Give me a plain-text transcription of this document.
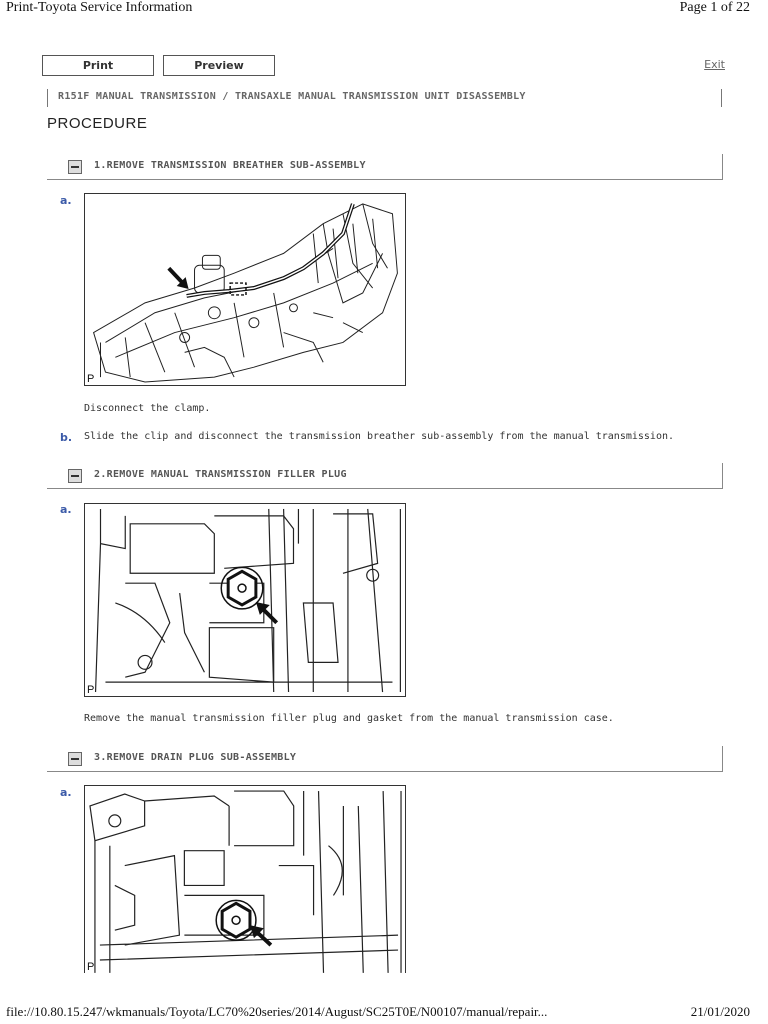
Print-Toyota Service Information	Page 1 of 22
Print	Preview	Exit
R151F MANUAL TRANSMISSION / TRANSAXLE MANUAL TRANSMISSION UNIT DISASSEMBLY
PROCEDURE
1.REMOVE TRANSMISSION BREATHER SUB-ASSEMBLY
a.
P
Disconnect the clamp.
b. Slide the clip and disconnect the transmission breather sub-assembly from the manual transmission.
2.REMOVE MANUAL TRANSMISSION FILLER PLUG
a.
P
Remove the manual transmission filler plug and gasket from the manual transmission case.
3.REMOVE DRAIN PLUG SUB-ASSEMBLY
a.
P
file://10.80.15.247/wkmanuals/Toyota/LC70%20series/2014/August/SC25T0E/N00107/manual/repair...	21/01/2020
